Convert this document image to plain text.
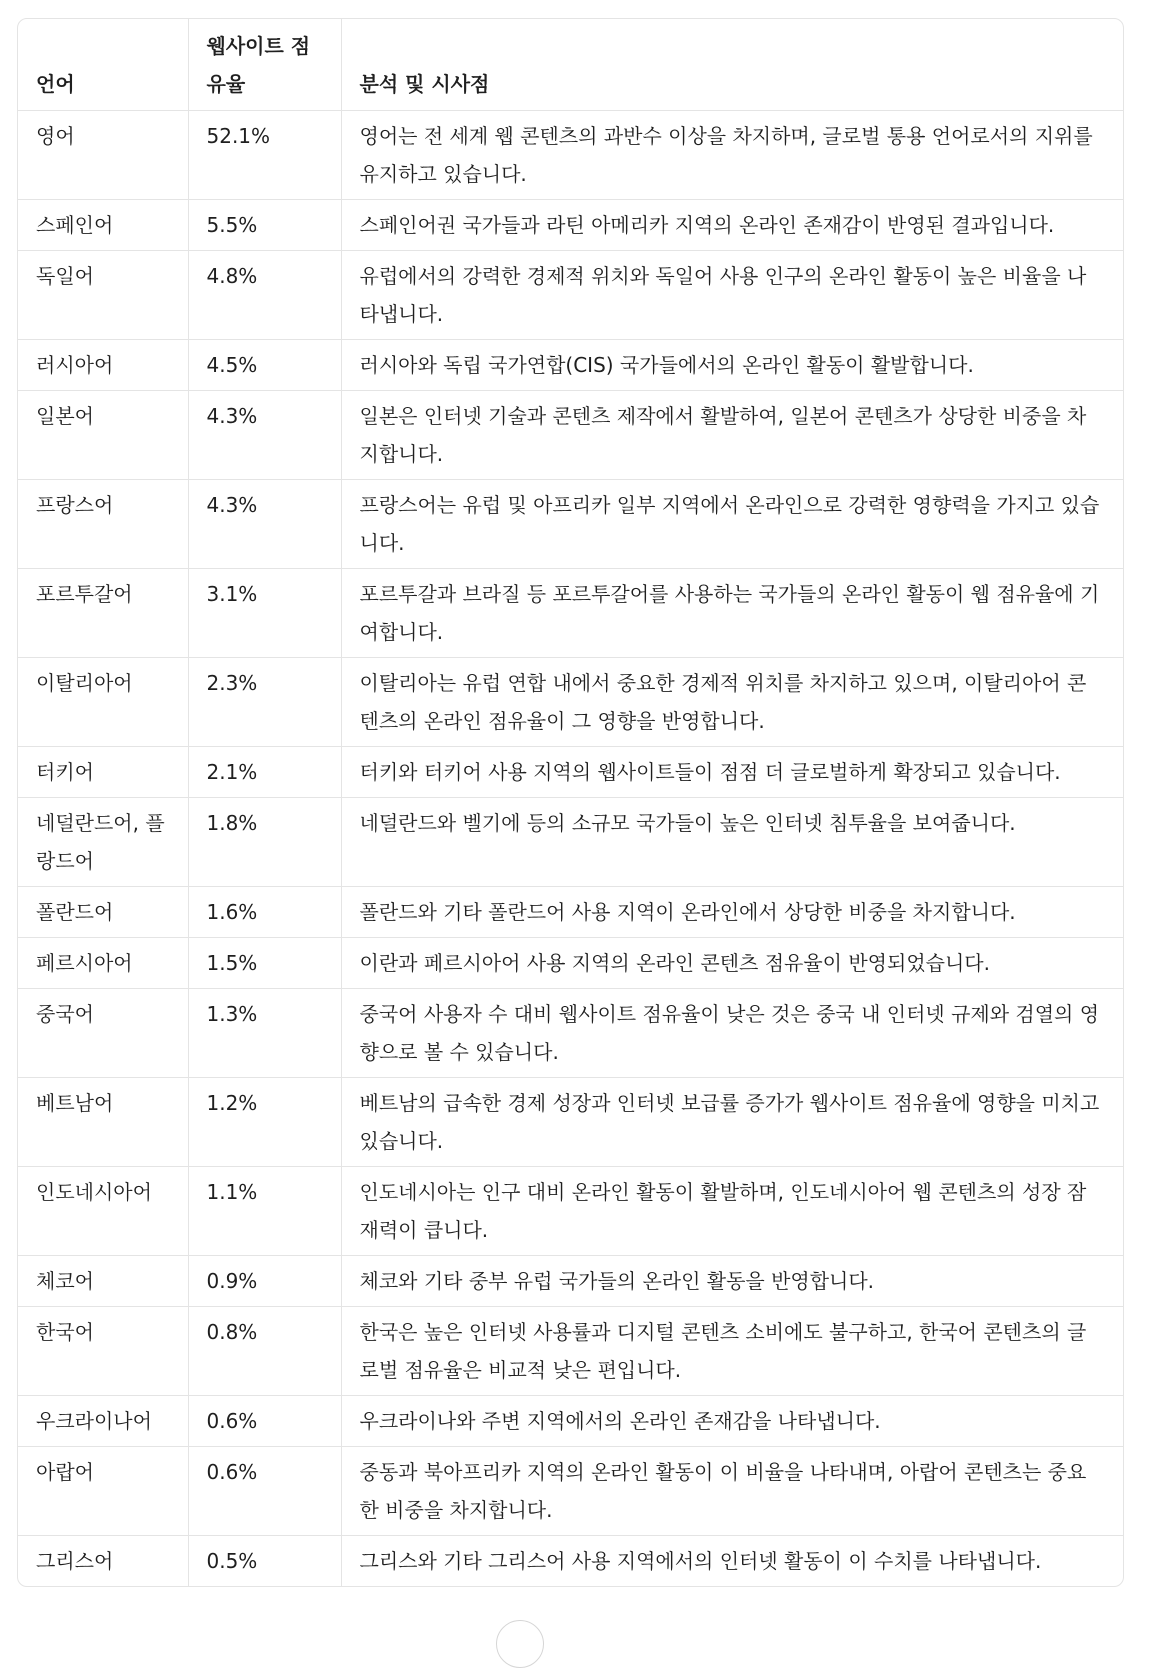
언어	웹사이트 점유율	분석 및 시사점
영어	52.1%	영어는 전 세계 웹 콘텐츠의 과반수 이상을 차지하며, 글로벌 통용 언어로서의 지위를 유지하고 있습니다.
스페인어	5.5%	스페인어권 국가들과 라틴 아메리카 지역의 온라인 존재감이 반영된 결과입니다.
독일어	4.8%	유럽에서의 강력한 경제적 위치와 독일어 사용 인구의 온라인 활동이 높은 비율을 나타냅니다.
러시아어	4.5%	러시아와 독립 국가연합(CIS) 국가들에서의 온라인 활동이 활발합니다.
일본어	4.3%	일본은 인터넷 기술과 콘텐츠 제작에서 활발하여, 일본어 콘텐츠가 상당한 비중을 차지합니다.
프랑스어	4.3%	프랑스어는 유럽 및 아프리카 일부 지역에서 온라인으로 강력한 영향력을 가지고 있습니다.
포르투갈어	3.1%	포르투갈과 브라질 등 포르투갈어를 사용하는 국가들의 온라인 활동이 웹 점유율에 기여합니다.
이탈리아어	2.3%	이탈리아는 유럽 연합 내에서 중요한 경제적 위치를 차지하고 있으며, 이탈리아어 콘텐츠의 온라인 점유율이 그 영향을 반영합니다.
터키어	2.1%	터키와 터키어 사용 지역의 웹사이트들이 점점 더 글로벌하게 확장되고 있습니다.
네덜란드어, 플랑드어	1.8%	네덜란드와 벨기에 등의 소규모 국가들이 높은 인터넷 침투율을 보여줍니다.
폴란드어	1.6%	폴란드와 기타 폴란드어 사용 지역이 온라인에서 상당한 비중을 차지합니다.
페르시아어	1.5%	이란과 페르시아어 사용 지역의 온라인 콘텐츠 점유율이 반영되었습니다.
중국어	1.3%	중국어 사용자 수 대비 웹사이트 점유율이 낮은 것은 중국 내 인터넷 규제와 검열의 영향으로 볼 수 있습니다.
베트남어	1.2%	베트남의 급속한 경제 성장과 인터넷 보급률 증가가 웹사이트 점유율에 영향을 미치고 있습니다.
인도네시아어	1.1%	인도네시아는 인구 대비 온라인 활동이 활발하며, 인도네시아어 웹 콘텐츠의 성장 잠재력이 큽니다.
체코어	0.9%	체코와 기타 중부 유럽 국가들의 온라인 활동을 반영합니다.
한국어	0.8%	한국은 높은 인터넷 사용률과 디지털 콘텐츠 소비에도 불구하고, 한국어 콘텐츠의 글로벌 점유율은 비교적 낮은 편입니다.
우크라이나어	0.6%	우크라이나와 주변 지역에서의 온라인 존재감을 나타냅니다.
아랍어	0.6%	중동과 북아프리카 지역의 온라인 활동이 이 비율을 나타내며, 아랍어 콘텐츠는 중요한 비중을 차지합니다.
그리스어	0.5%	그리스와 기타 그리스어 사용 지역에서의 인터넷 활동이 이 수치를 나타냅니다.
